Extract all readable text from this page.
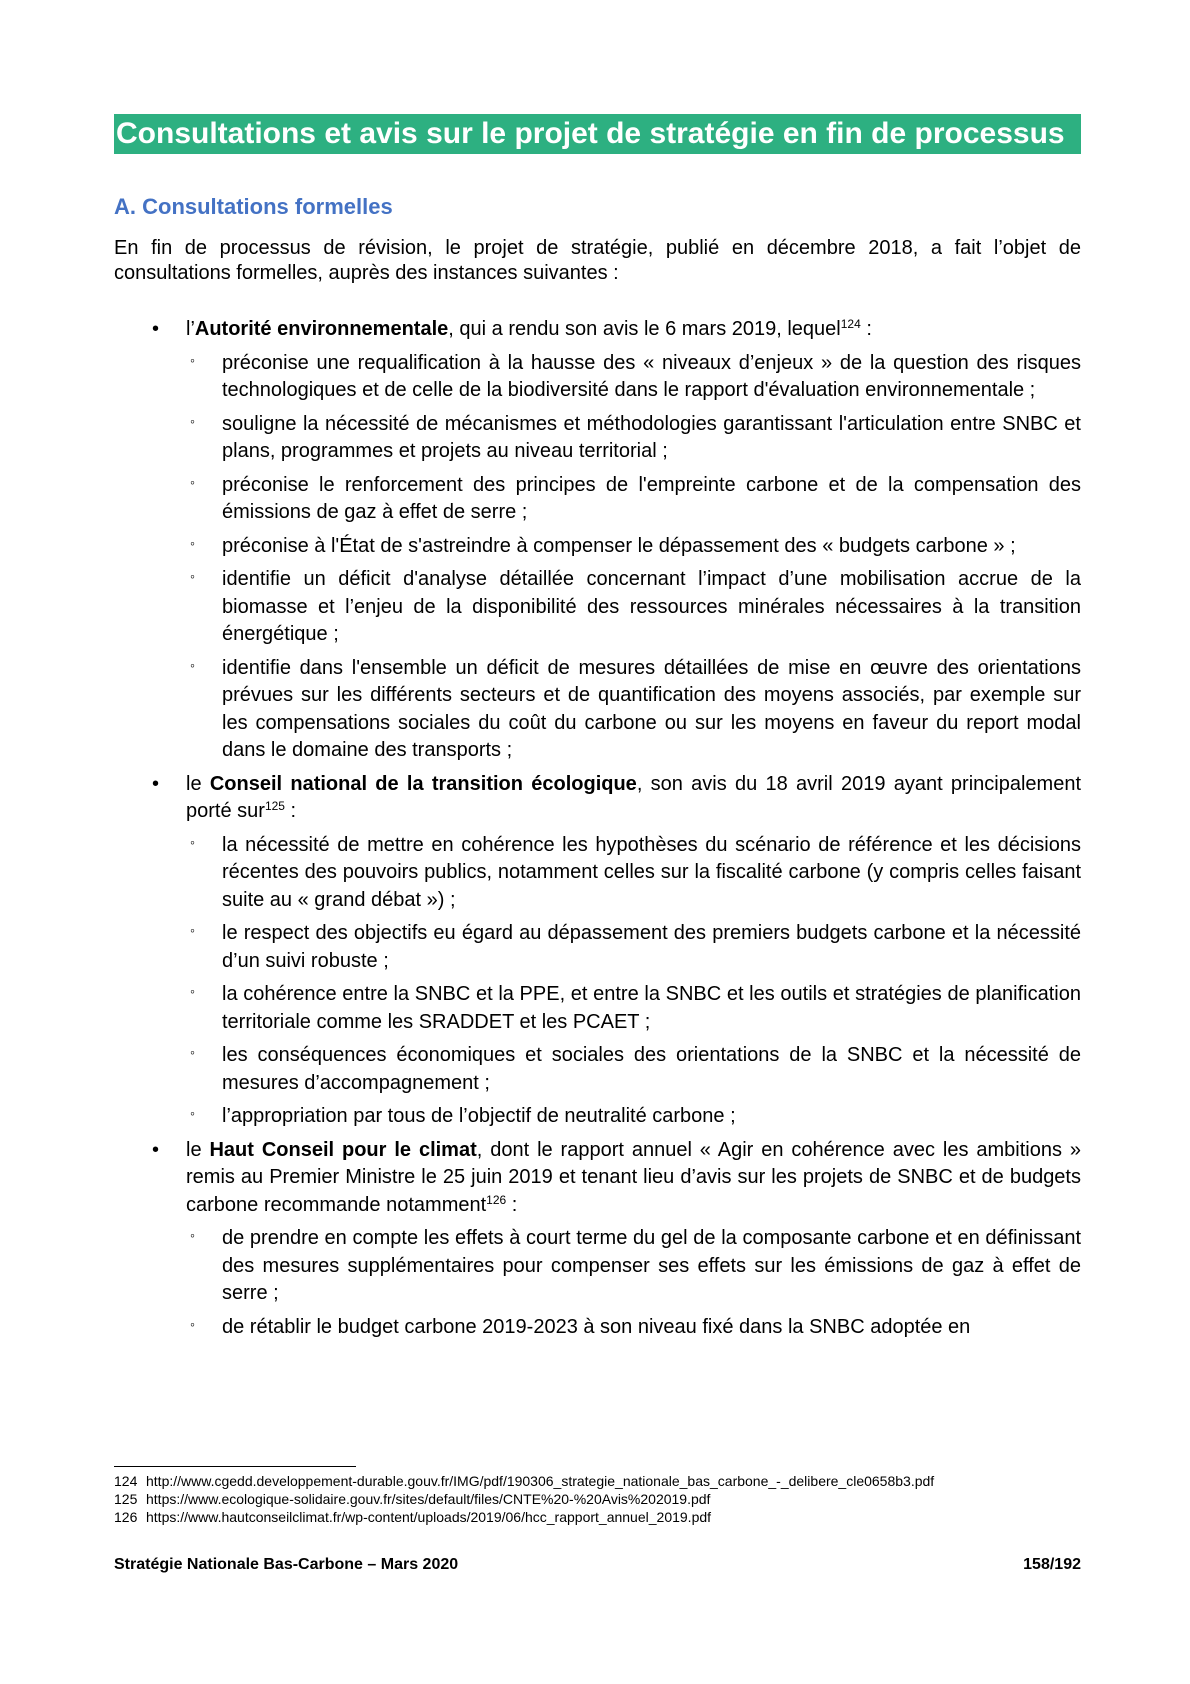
Consultations et avis sur le projet de stratégie en fin de processus
A. Consultations formelles
En fin de processus de révision, le projet de stratégie, publié en décembre 2018, a fait l’objet de consultations formelles, auprès des instances suivantes :
• l’Autorité environnementale, qui a rendu son avis le 6 mars 2019, lequel$^{124}$ :
◦ préconise une requalification à la hausse des « niveaux d’enjeux » de la question des risques technologiques et de celle de la biodiversité dans le rapport d'évaluation environnementale ;
◦ souligne la nécessité de mécanismes et méthodologies garantissant l'articulation entre SNBC et plans, programmes et projets au niveau territorial ;
◦ préconise le renforcement des principes de l'empreinte carbone et de la compensation des émissions de gaz à effet de serre ;
◦ préconise à l'État de s'astreindre à compenser le dépassement des « budgets carbone » ;
◦ identifie un déficit d'analyse détaillée concernant l’impact d’une mobilisation accrue de la biomasse et l’enjeu de la disponibilité des ressources minérales nécessaires à la transition énergétique ;
◦ identifie dans l'ensemble un déficit de mesures détaillées de mise en œuvre des orientations prévues sur les différents secteurs et de quantification des moyens associés, par exemple sur les compensations sociales du coût du carbone ou sur les moyens en faveur du report modal dans le domaine des transports ;
• le Conseil national de la transition écologique, son avis du 18 avril 2019 ayant principalement porté sur$^{125}$ :
◦ la nécessité de mettre en cohérence les hypothèses du scénario de référence et les décisions récentes des pouvoirs publics, notamment celles sur la fiscalité carbone (y compris celles faisant suite au « grand débat ») ;
◦ le respect des objectifs eu égard au dépassement des premiers budgets carbone et la nécessité d’un suivi robuste ;
◦ la cohérence entre la SNBC et la PPE, et entre la SNBC et les outils et stratégies de planification territoriale comme les SRADDET et les PCAET ;
◦ les conséquences économiques et sociales des orientations de la SNBC et la nécessité de mesures d’accompagnement ;
◦ l’appropriation par tous de l’objectif de neutralité carbone ;
• le Haut Conseil pour le climat, dont le rapport annuel « Agir en cohérence avec les ambitions » remis au Premier Ministre le 25 juin 2019 et tenant lieu d’avis sur les projets de SNBC et de budgets carbone recommande notamment$^{126}$ :
◦ de prendre en compte les effets à court terme du gel de la composante carbone et en définissant des mesures supplémentaires pour compenser ses effets sur les émissions de gaz à effet de serre ;
◦ de rétablir le budget carbone 2019-2023 à son niveau fixé dans la SNBC adoptée en
124 http://www.cgedd.developpement-durable.gouv.fr/IMG/pdf/190306_strategie_nationale_bas_carbone_-_delibere_cle0658b3.pdf
125 https://www.ecologique-solidaire.gouv.fr/sites/default/files/CNTE%20-%20Avis%202019.pdf
126 https://www.hautconseilclimat.fr/wp-content/uploads/2019/06/hcc_rapport_annuel_2019.pdf
Stratégie Nationale Bas-Carbone – Mars 2020	158/192
